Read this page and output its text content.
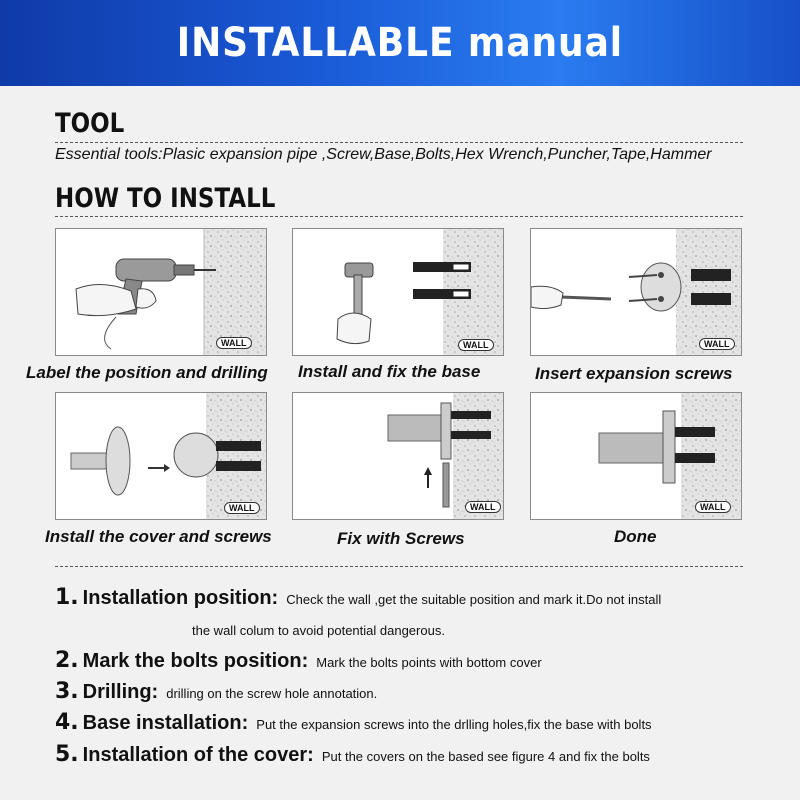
INSTALLABLE manual
TOOL
Essential tools:Plasic expansion pipe ,Screw,Base,Bolts,Hex Wrench,Puncher,Tape,Hammer
HOW TO INSTALL
WALL	WALL	WALL
WALL	WALL	WALL
Label the position and drilling Install and fix the base	Insert expansion screws
Install the cover and screws	Fix with Screws	Done
1. Installation position: Check the wall ,get the suitable position and mark it.Do not install
the wall colum to avoid potential dangerous.
2. Mark the bolts position: Mark the bolts points with bottom cover
3. Drilling: drilling on the screw hole annotation.
4. Base installation: Put the expansion screws into the drlling holes,fix the base with bolts
5. Installation of the cover: Put the covers on the based see figure 4 and fix the bolts
